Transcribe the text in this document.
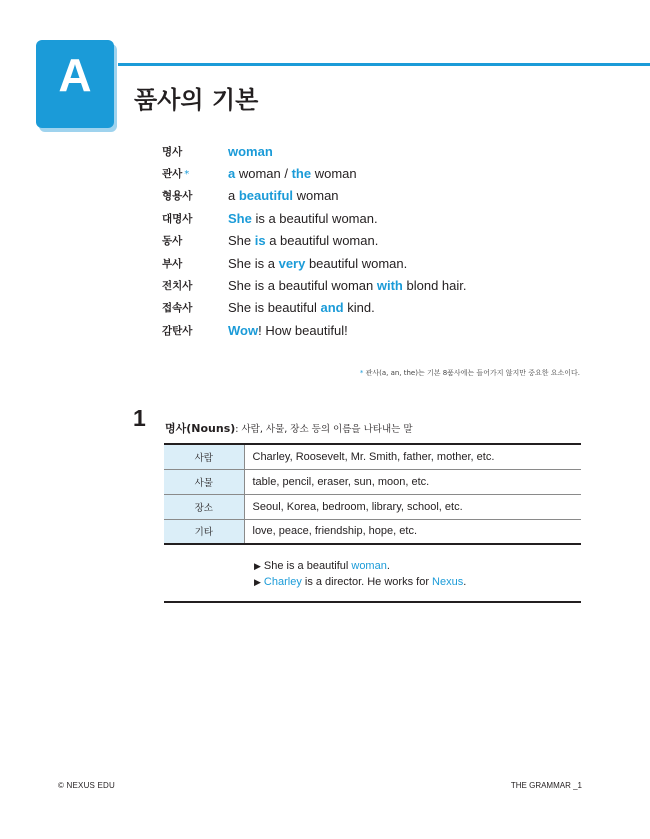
A	품사의 기본
명사	woman
관사 *	a woman / the woman
형용사	a beautiful woman
대명사	She is a beautiful woman.
동사	She is a beautiful woman.
부사	She is a very beautiful woman.
전치사	She is a beautiful woman with blond hair.
접속사	She is beautiful and kind.
감탄사	Wow! How beautiful!
* 관사(a, an, the)는 기본 8품사에는 들어가지 않지만 중요한 요소이다.
1 명사(Nouns): 사람, 사물, 장소 등의 이름을 나타내는 말
사람	Charley, Roosevelt, Mr. Smith, father, mother, etc.
사물	table, pencil, eraser, sun, moon, etc.
장소	Seoul, Korea, bedroom, library, school, etc.
기타	love, peace, friendship, hope, etc.
▶ She is a beautiful woman.
▶ Charley is a director. He works for Nexus.
© NEXUS EDU	THE GRAMMAR _1
